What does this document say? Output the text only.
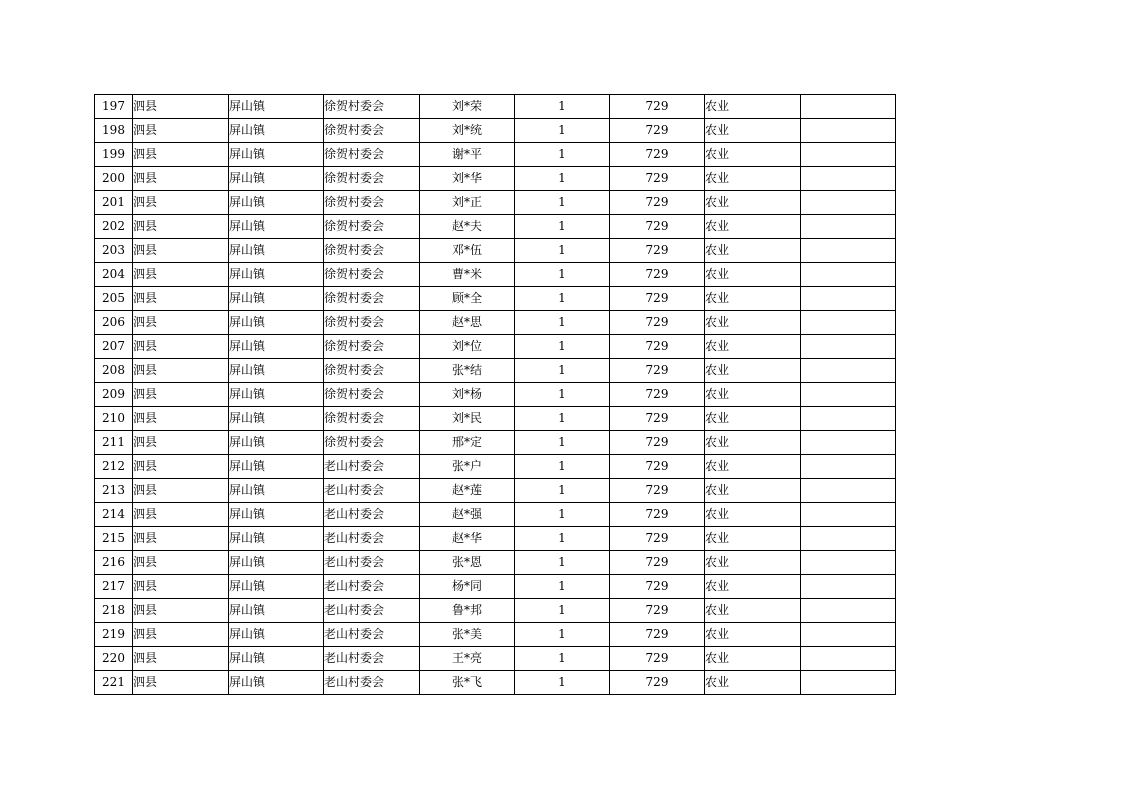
197	泗县	屏山镇	徐贺村委会	刘*荣	1	729	农业	
198	泗县	屏山镇	徐贺村委会	刘*统	1	729	农业	
199	泗县	屏山镇	徐贺村委会	谢*平	1	729	农业	
200	泗县	屏山镇	徐贺村委会	刘*华	1	729	农业	
201	泗县	屏山镇	徐贺村委会	刘*正	1	729	农业	
202	泗县	屏山镇	徐贺村委会	赵*夫	1	729	农业	
203	泗县	屏山镇	徐贺村委会	邓*伍	1	729	农业	
204	泗县	屏山镇	徐贺村委会	曹*米	1	729	农业	
205	泗县	屏山镇	徐贺村委会	顾*全	1	729	农业	
206	泗县	屏山镇	徐贺村委会	赵*思	1	729	农业	
207	泗县	屏山镇	徐贺村委会	刘*位	1	729	农业	
208	泗县	屏山镇	徐贺村委会	张*结	1	729	农业	
209	泗县	屏山镇	徐贺村委会	刘*杨	1	729	农业	
210	泗县	屏山镇	徐贺村委会	刘*民	1	729	农业	
211	泗县	屏山镇	徐贺村委会	邢*定	1	729	农业	
212	泗县	屏山镇	老山村委会	张*户	1	729	农业	
213	泗县	屏山镇	老山村委会	赵*莲	1	729	农业	
214	泗县	屏山镇	老山村委会	赵*强	1	729	农业	
215	泗县	屏山镇	老山村委会	赵*华	1	729	农业	
216	泗县	屏山镇	老山村委会	张*恩	1	729	农业	
217	泗县	屏山镇	老山村委会	杨*同	1	729	农业	
218	泗县	屏山镇	老山村委会	鲁*邦	1	729	农业	
219	泗县	屏山镇	老山村委会	张*美	1	729	农业	
220	泗县	屏山镇	老山村委会	王*亮	1	729	农业	
221	泗县	屏山镇	老山村委会	张*飞	1	729	农业	
